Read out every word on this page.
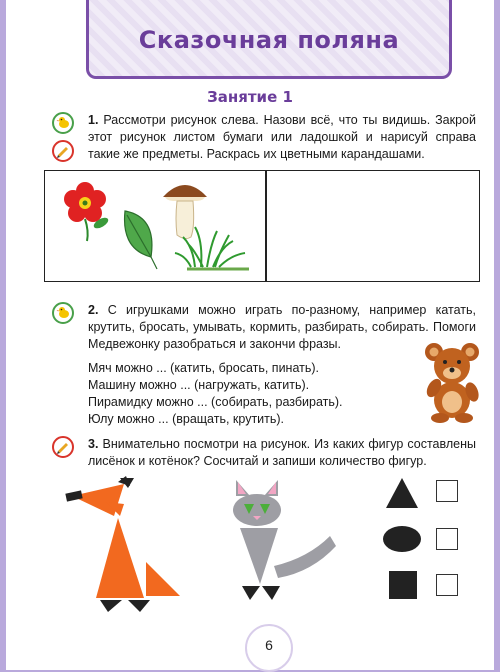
Сказочная поляна
Занятие 1
1. Рассмотри рисунок слева. Назови всё, что ты видишь. Закрой этот рисунок листом бумаги или ладошкой и нарисуй справа такие же предметы. Раскрась их цветными карандашами.
2. С игрушками можно играть по-разному, например катать, крутить, бросать, умывать, кормить, разбирать, собирать. Помоги Медвежонку разобраться и закончи фразы.
Мяч можно ... (катить, бросать, пинать).
Машину можно ... (нагружать, катить).
Пирамидку можно ... (собирать, разбирать).
Юлу можно ... (вращать, крутить).
3. Внимательно посмотри на рисунок. Из каких фигур составлены лисёнок и котёнок? Сосчитай и запиши количество фигур.
6
